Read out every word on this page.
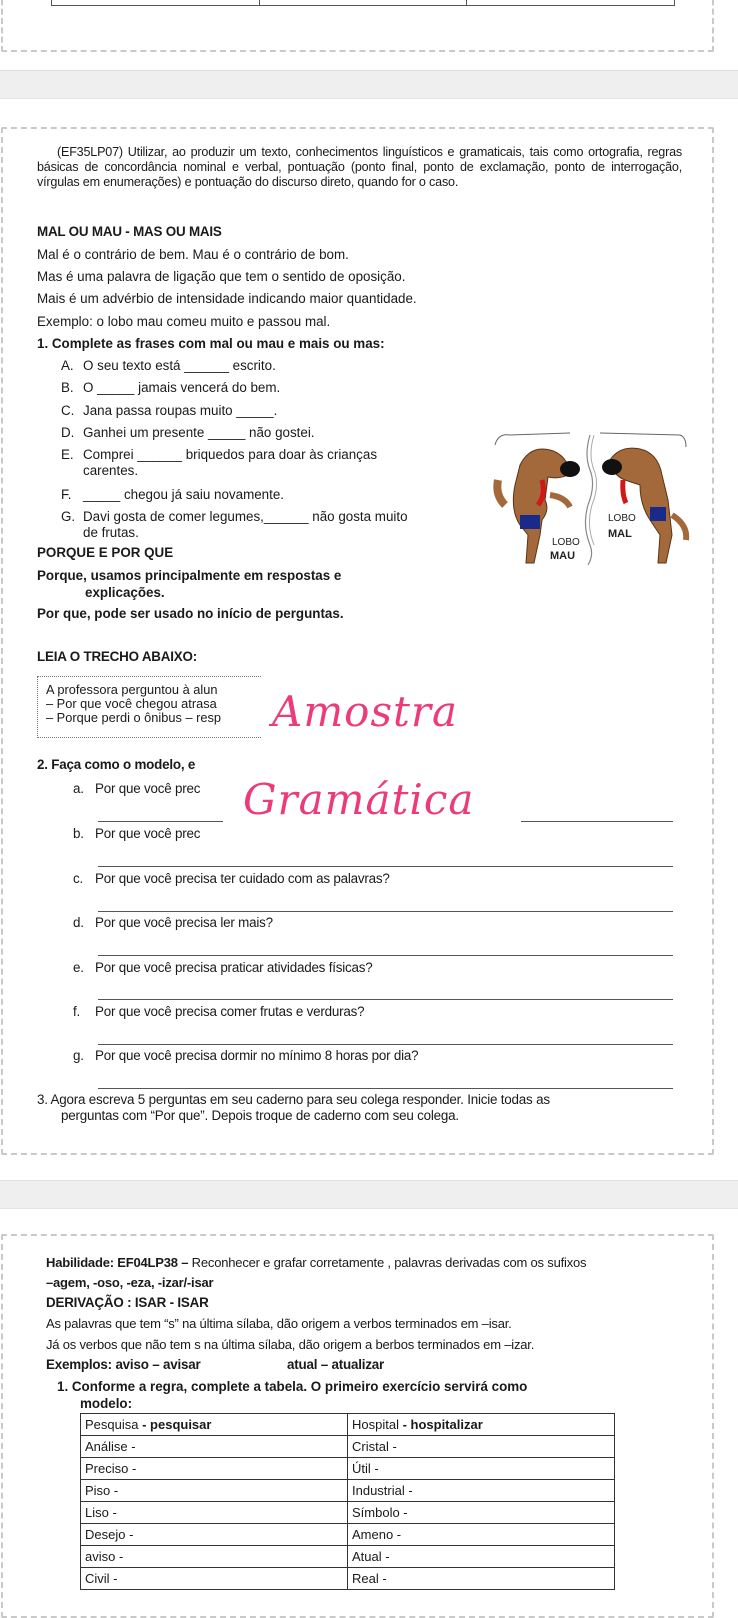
(EF35LP07) Utilizar, ao produzir um texto, conhecimentos linguísticos e gramaticais, tais como ortografia, regras básicas de concordância nominal e verbal, pontuação (ponto final, ponto de exclamação, ponto de interrogação, vírgulas em enumerações) e pontuação do discurso direto, quando for o caso.
MAL OU MAU - MAS OU MAIS
Mal é o contrário de bem. Mau é o contrário de bom.
Mas é uma palavra de ligação que tem o sentido de oposição.
Mais é um advérbio de intensidade indicando maior quantidade.
Exemplo: o lobo mau comeu muito e passou mal.
1. Complete as frases com mal ou mau e mais ou mas:
A. O seu texto está ______ escrito.
B. O _____ jamais vencerá do bem.
C. Jana passa roupas muito _____.
D. Ganhei um presente _____ não gostei.
E. Comprei ______ briquedos para doar às crianças
carentes.
F. _____ chegou já saiu novamente.
G. Davi gosta de comer legumes,______ não gosta muito
de frutas.
LOBO
MAU
LOBO
MAL
PORQUE E POR QUE
Porque, usamos principalmente em respostas e
explicações.
Por que, pode ser usado no início de perguntas.
LEIA O TRECHO ABAIXO:
A professora perguntou à alun
– Por que você chegou atrasa
– Porque perdi o ônibus – resp Amostra
2. Faça como o modelo, e
a. Por que você prec Gramática
b. Por que você prec
c. Por que você precisa ter cuidado com as palavras?
d. Por que você precisa ler mais?
e. Por que você precisa praticar atividades físicas?
f. Por que você precisa comer frutas e verduras?
g. Por que você precisa dormir no mínimo 8 horas por dia?
3. Agora escreva 5 perguntas em seu caderno para seu colega responder. Inicie todas as
perguntas com “Por que”. Depois troque de caderno com seu colega.
Habilidade: EF04LP38 – Reconhecer e grafar corretamente , palavras derivadas com os sufixos
–agem, -oso, -eza, -izar/-isar
DERIVAÇÃO : ISAR - ISAR
As palavras que tem “s” na última sílaba, dão origem a verbos terminados em –isar.
Já os verbos que não tem s na última sílaba, dão origem a berbos terminados em –izar.
Exemplos: aviso – avisar	atual – atualizar
1. Conforme a regra, complete a tabela. O primeiro exercício servirá como
modelo:
Pesquisa - pesquisar	Hospital - hospitalizar
Análise -	Cristal -
Preciso -	Útil -
Piso -	Industrial -
Liso -	Símbolo -
Desejo -	Ameno -
aviso -	Atual -
Civil -	Real -
